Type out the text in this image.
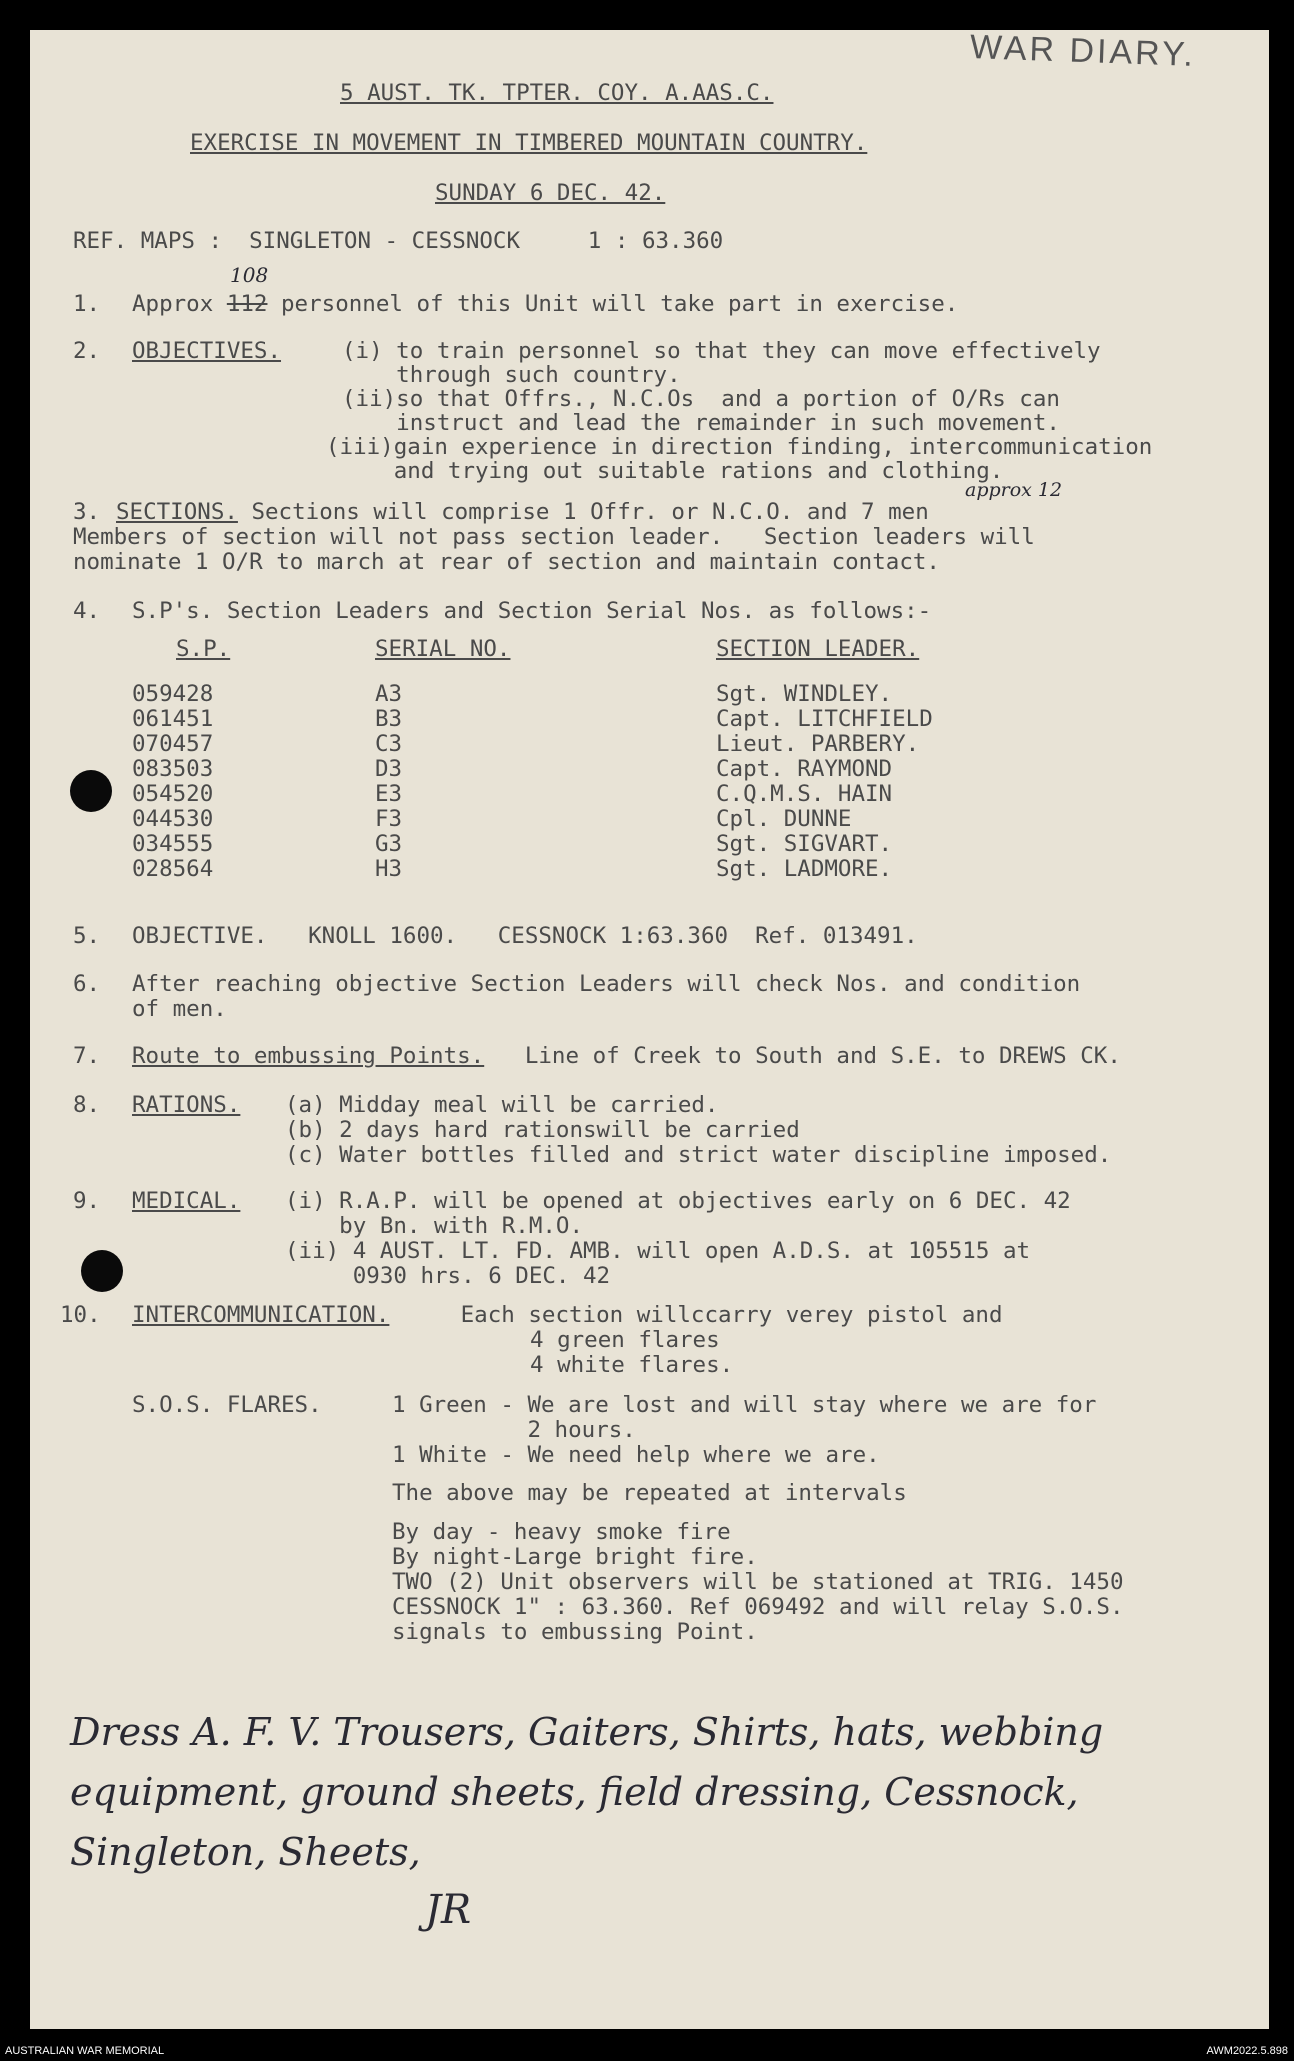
WAR DIARY.
5 AUST. TK. TPTER. COY. A.AAS.C.
EXERCISE IN MOVEMENT IN TIMBERED MOUNTAIN COUNTRY.
SUNDAY 6 DEC. 42.
REF. MAPS :  SINGLETON - CESSNOCK     1 : 63.360
1. Approx 112 personnel of this Unit will take part in exercise.
108
2. OBJECTIVES.	(i) to train personnel so that they can move effectively
through such country.
(ii)so that Offrs., N.C.Os  and a portion of O/Rs can
instruct and lead the remainder in such movement.
(iii)gain experience in direction finding, intercommunication
and trying out suitable rations and clothing.
approx 12
3. SECTIONS. Sections will comprise 1 Offr. or N.C.O. and 7 men
Members of section will not pass section leader.   Section leaders will
nominate 1 O/R to march at rear of section and maintain contact.
4. S.P's. Section Leaders and Section Serial Nos. as follows:-
S.P.	SERIAL NO.	SECTION LEADER.
059428	A3	Sgt. WINDLEY.
061451	B3	Capt. LITCHFIELD
070457	C3	Lieut. PARBERY.
083503	D3	Capt. RAYMOND
054520	E3	C.Q.M.S. HAIN
044530	F3	Cpl. DUNNE
034555	G3	Sgt. SIGVART.
028564	H3	Sgt. LADMORE.
5. OBJECTIVE.   KNOLL 1600.   CESSNOCK 1:63.360  Ref. 013491.
6. After reaching objective Section Leaders will check Nos. and condition
of men.
7. Route to embussing Points.   Line of Creek to South and S.E. to DREWS CK.
8. RATIONS. (a) Midday meal will be carried.
(b) 2 days hard rationswill be carried
(c) Water bottles filled and strict water discipline imposed.
9. MEDICAL. (i) R.A.P. will be opened at objectives early on 6 DEC. 42
by Bn. with R.M.O.
(ii) 4 AUST. LT. FD. AMB. will open A.D.S. at 105515 at
0930 hrs. 6 DEC. 42
10. INTERCOMMUNICATION. Each section willccarry verey pistol and
4 green flares
4 white flares.
S.O.S. FLARES.	1 Green - We are lost and will stay where we are for
2 hours.
1 White - We need help where we are.
The above may be repeated at intervals
By day - heavy smoke fire
By night-Large bright fire.
TWO (2) Unit observers will be stationed at TRIG. 1450
CESSNOCK 1" : 63.360. Ref 069492 and will relay S.O.S.
signals to embussing Point.
Dress A. F. V. Trousers, Gaiters, Shirts, hats, webbing
equipment, ground sheets, field dressing, Cessnock,
Singleton, Sheets,
JR
AUSTRALIAN WAR MEMORIAL	AWM2022.5.898
